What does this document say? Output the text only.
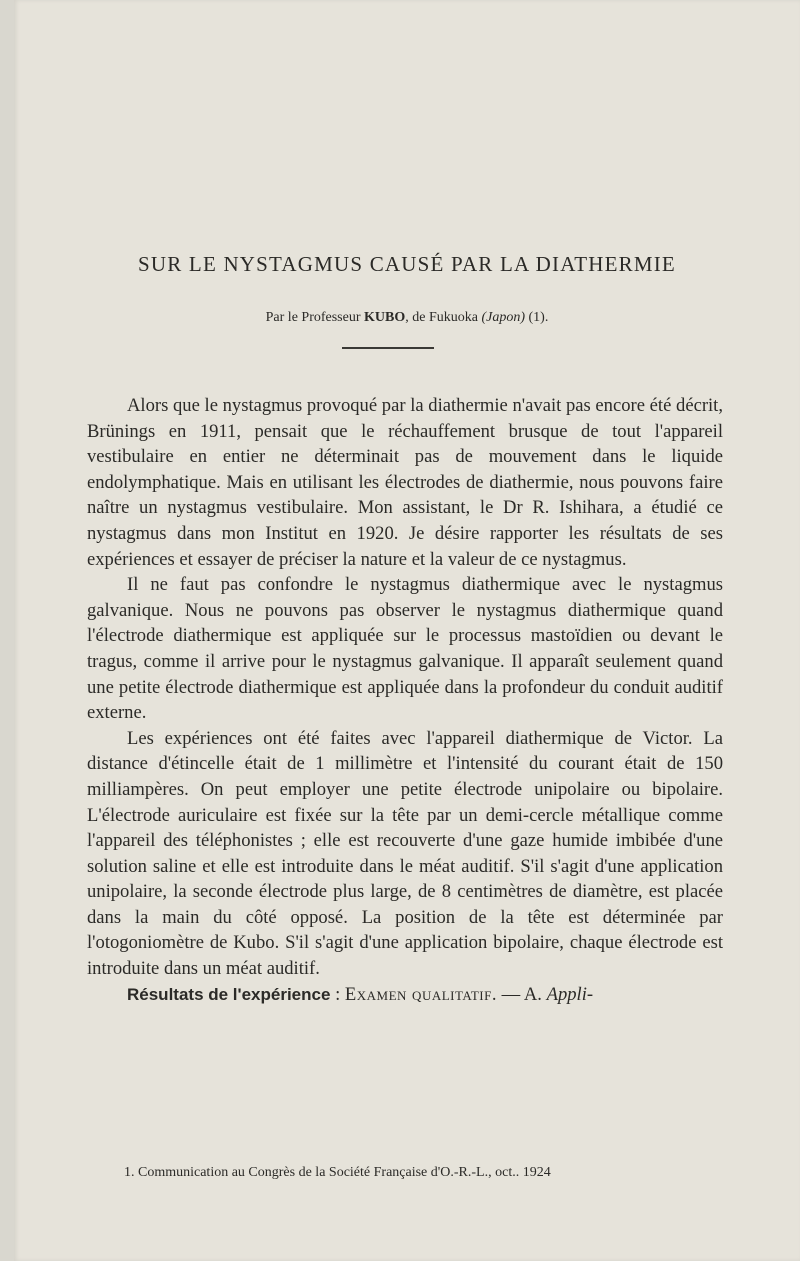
SUR LE NYSTAGMUS CAUSÉ PAR LA DIATHERMIE
Par le Professeur KUBO, de Fukuoka (Japon) (1).

Alors que le nystagmus provoqué par la diathermie n'avait pas encore été décrit, Brünings en 1911, pensait que le réchauffement brusque de tout l'appareil vestibulaire en entier ne déterminait pas de mouvement dans le liquide endolymphatique. Mais en utilisant les électrodes de diathermie, nous pouvons faire naître un nystagmus vestibulaire. Mon assistant, le Dr R. Ishihara, a étudié ce nystagmus dans mon Institut en 1920. Je désire rapporter les résultats de ses expériences et essayer de préciser la nature et la valeur de ce nystagmus.

Il ne faut pas confondre le nystagmus diathermique avec le nystagmus galvanique. Nous ne pouvons pas observer le nystagmus diathermique quand l'électrode diathermique est appliquée sur le processus mastoïdien ou devant le tragus, comme il arrive pour le nystagmus galvanique. Il apparaît seulement quand une petite électrode diathermique est appliquée dans la profondeur du conduit auditif externe.

Les expériences ont été faites avec l'appareil diathermique de Victor. La distance d'étincelle était de 1 millimètre et l'intensité du courant était de 150 milliampères. On peut employer une petite électrode unipolaire ou bipolaire. L'électrode auriculaire est fixée sur la tête par un demi-cercle métallique comme l'appareil des téléphonistes ; elle est recouverte d'une gaze humide imbibée d'une solution saline et elle est introduite dans le méat auditif. S'il s'agit d'une application unipolaire, la seconde électrode plus large, de 8 centimètres de diamètre, est placée dans la main du côté opposé. La position de la tête est déterminée par l'otogoniomètre de Kubo. S'il s'agit d'une application bipolaire, chaque électrode est introduite dans un méat auditif.

Résultats de l'expérience : Examen qualitatif. — A. Appli-

1. Communication au Congrès de la Société Française d'O.-R.-L., oct.. 1924
